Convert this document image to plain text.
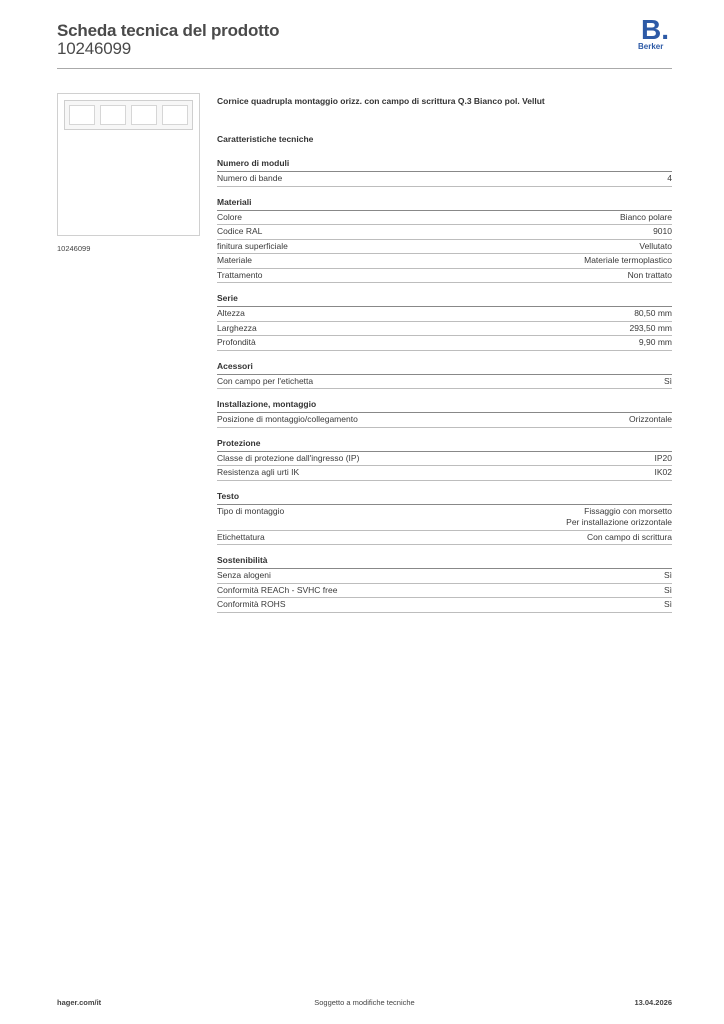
Scheda tecnica del prodotto
10246099
B.
Berker
10246099
Cornice quadrupla montaggio orizz. con campo di scrittura Q.3 Bianco pol. Vellut
Caratteristiche tecniche
Numero di moduli
Numero di bande	4
Materiali
Colore	Bianco polare
Codice RAL	9010
finitura superficiale	Vellutato
Materiale	Materiale termoplastico
Trattamento	Non trattato
Serie
Altezza	80,50 mm
Larghezza	293,50 mm
Profondità	9,90 mm
Acessori
Con campo per l'etichetta	Sì
Installazione, montaggio
Posizione di montaggio/collegamento	Orizzontale
Protezione
Classe di protezione dall'ingresso (IP)	IP20
Resistenza agli urti IK	IK02
Testo
Tipo di montaggio	Fissaggio con morsetto
Per installazione orizzontale
Etichettatura	Con campo di scrittura
Sostenibilità
Senza alogeni	Sì
Conformità REACh - SVHC free	Sì
Conformità ROHS	Sì
hager.com/it	Soggetto a modifiche tecniche	13.04.2026
